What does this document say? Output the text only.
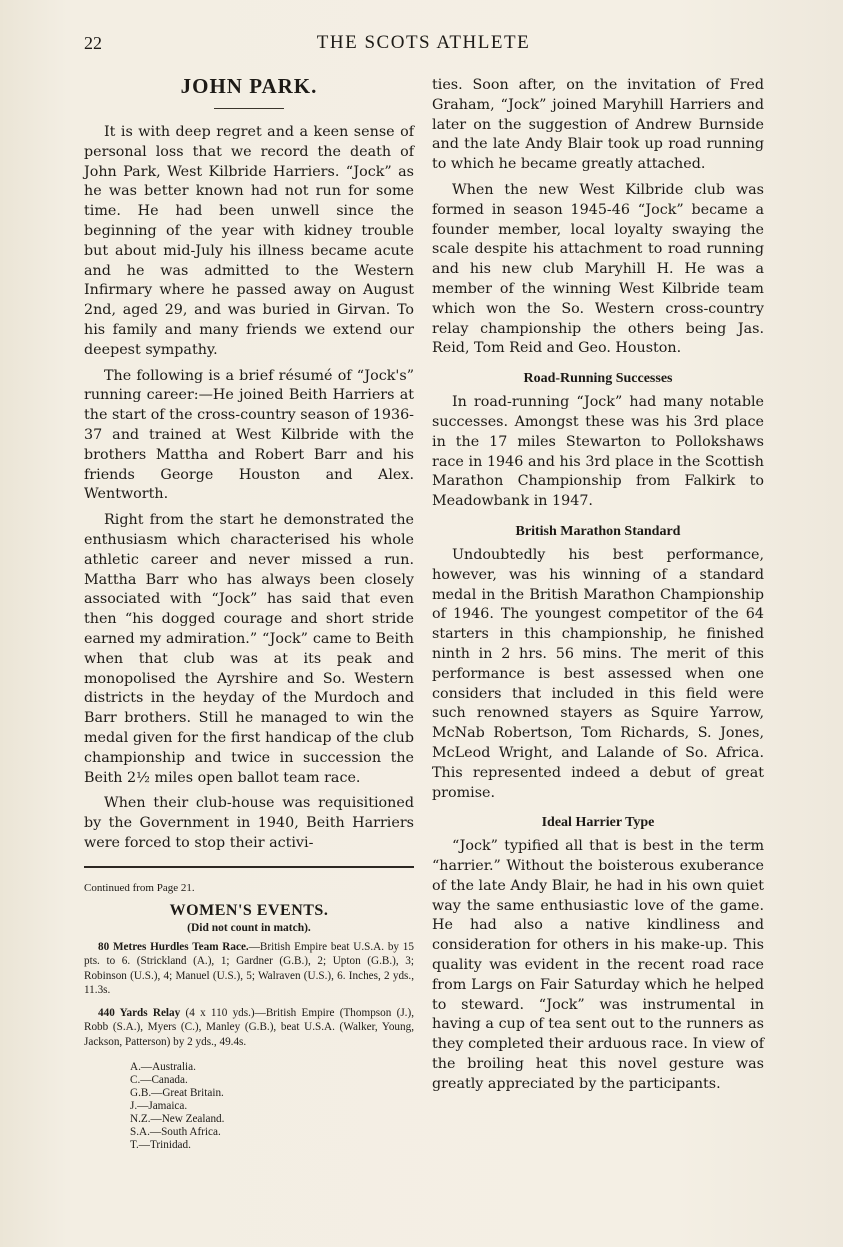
22	THE SCOTS ATHLETE
JOHN PARK.

It is with deep regret and a keen sense of personal loss that we record the death of John Park, West Kilbride Harriers. “Jock” as he was better known had not run for some time. He had been unwell since the beginning of the year with kidney trouble but about mid-July his illness became acute and he was admitted to the Western Infirmary where he passed away on August 2nd, aged 29, and was buried in Girvan. To his family and many friends we extend our deepest sympathy.

The following is a brief résumé of “Jock's” running career:—He joined Beith Harriers at the start of the cross-country season of 1936-37 and trained at West Kilbride with the brothers Mattha and Robert Barr and his friends George Houston and Alex. Wentworth.

Right from the start he demonstrated the enthusiasm which characterised his whole athletic career and never missed a run. Mattha Barr who has always been closely associated with “Jock” has said that even then “his dogged courage and short stride earned my admiration.” “Jock” came to Beith when that club was at its peak and monopolised the Ayrshire and So. Western districts in the heyday of the Murdoch and Barr brothers. Still he managed to win the medal given for the first handicap of the club championship and twice in succession the Beith 2½ miles open ballot team race.

When their club-house was requisitioned by the Government in 1940, Beith Harriers were forced to stop their activi-

Continued from Page 21.
WOMEN'S EVENTS.
(Did not count in match).

80 Metres Hurdles Team Race.—British Empire beat U.S.A. by 15 pts. to 6. (Strickland (A.), 1; Gardner (G.B.), 2; Upton (G.B.), 3; Robinson (U.S.), 4; Manuel (U.S.), 5; Walraven (U.S.), 6. Inches, 2 yds., 11.3s.

440 Yards Relay (4 x 110 yds.)—British Empire (Thompson (J.), Robb (S.A.), Myers (C.), Manley (G.B.), beat U.S.A. (Walker, Young, Jackson, Patterson) by 2 yds., 49.4s.

A.—Australia.
C.—Canada.
G.B.—Great Britain.
J.—Jamaica.
N.Z.—New Zealand.
S.A.—South Africa.
T.—Trinidad.

ties. Soon after, on the invitation of Fred Graham, “Jock” joined Maryhill Harriers and later on the suggestion of Andrew Burnside and the late Andy Blair took up road running to which he became greatly attached.

When the new West Kilbride club was formed in season 1945-46 “Jock” became a founder member, local loyalty swaying the scale despite his attachment to road running and his new club Maryhill H. He was a member of the winning West Kilbride team which won the So. Western cross-country relay championship the others being Jas. Reid, Tom Reid and Geo. Houston.

Road-Running Successes

In road-running “Jock” had many notable successes. Amongst these was his 3rd place in the 17 miles Stewarton to Pollokshaws race in 1946 and his 3rd place in the Scottish Marathon Championship from Falkirk to Meadowbank in 1947.

British Marathon Standard

Undoubtedly his best performance, however, was his winning of a standard medal in the British Marathon Championship of 1946. The youngest competitor of the 64 starters in this championship, he finished ninth in 2 hrs. 56 mins. The merit of this performance is best assessed when one considers that included in this field were such renowned stayers as Squire Yarrow, McNab Robertson, Tom Richards, S. Jones, McLeod Wright, and Lalande of So. Africa. This represented indeed a debut of great promise.

Ideal Harrier Type

“Jock” typified all that is best in the term “harrier.” Without the boisterous exuberance of the late Andy Blair, he had in his own quiet way the same enthusiastic love of the game. He had also a native kindliness and consideration for others in his make-up. This quality was evident in the recent road race from Largs on Fair Saturday which he helped to steward. “Jock” was instrumental in having a cup of tea sent out to the runners as they completed their arduous race. In view of the broiling heat this novel gesture was greatly appreciated by the participants.
